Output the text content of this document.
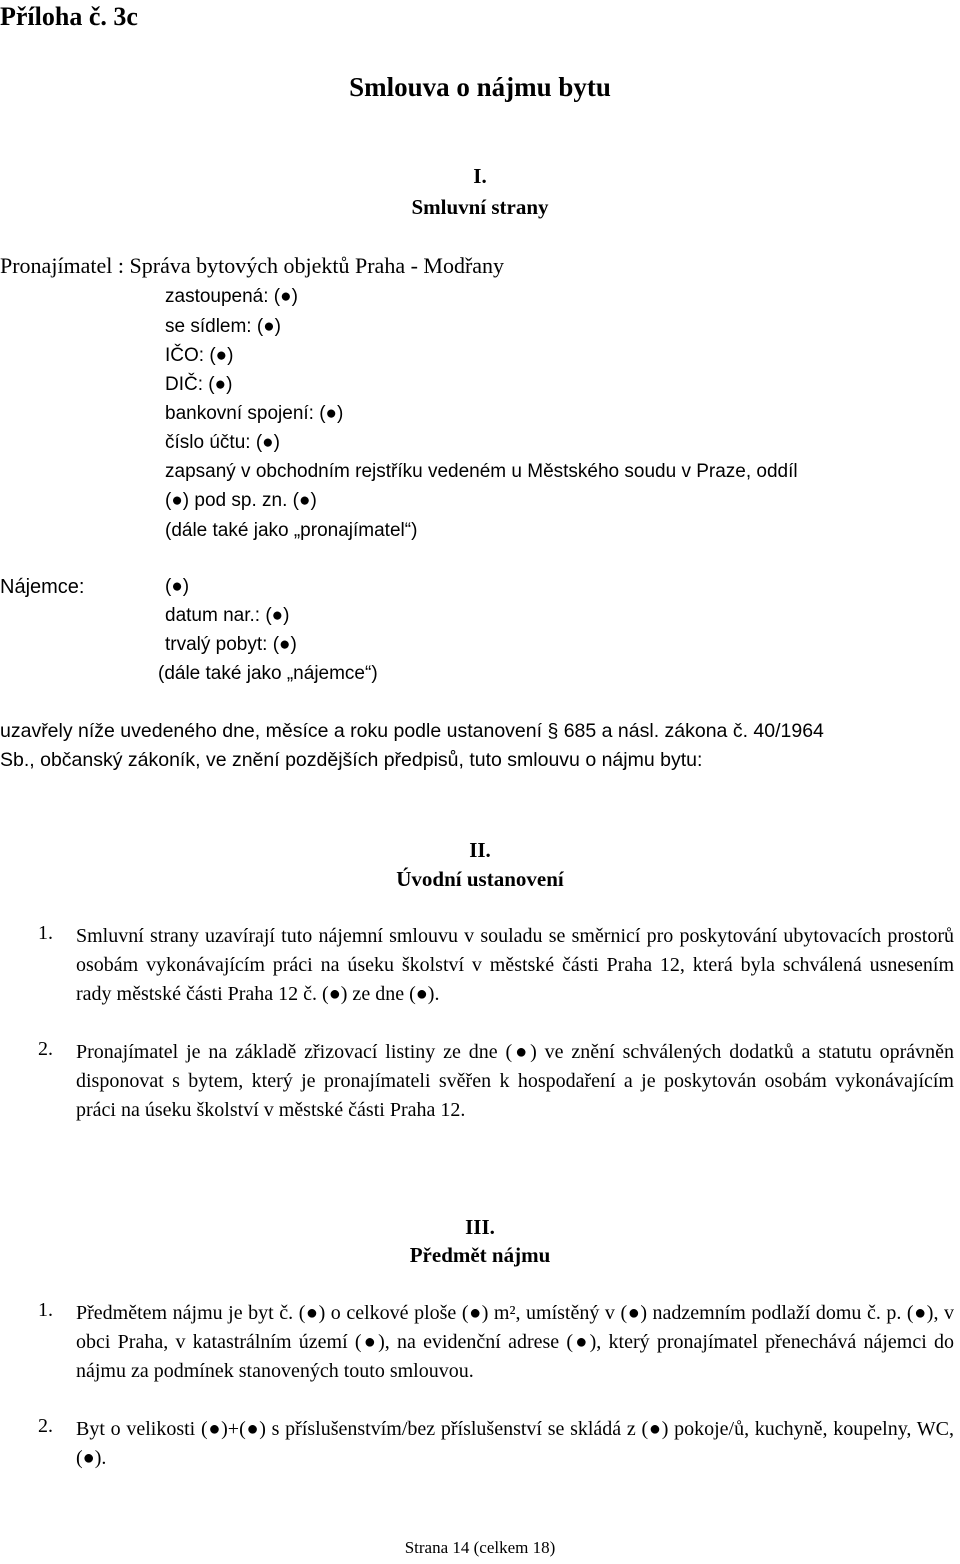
Příloha č. 3c
Smlouva o nájmu bytu
I.
Smluvní strany
Pronajímatel : Správa bytových objektů Praha - Modřany
zastoupená: (●)
se sídlem: (●)
IČO: (●)
DIČ: (●)
bankovní spojení: (●)
číslo účtu: (●)
zapsaný v obchodním rejstříku vedeném u Městského soudu v Praze, oddíl
(●) pod sp. zn. (●)
(dále také jako „pronajímatel“)
Nájemce:	(●)
datum nar.: (●)
trvalý pobyt: (●)
(dále také jako „nájemce“)
uzavřely níže uvedeného dne, měsíce a roku podle ustanovení § 685 a násl. zákona č. 40/1964
Sb., občanský zákoník, ve znění pozdějších předpisů, tuto smlouvu o nájmu bytu:
II.
Úvodní ustanovení
1. Smluvní strany uzavírají tuto nájemní smlouvu v souladu se směrnicí pro poskytování ubytovacích prostorů osobám vykonávajícím práci na úseku školství v městské části Praha 12, která byla schválená usnesením rady městské části Praha 12 č. (●) ze dne (●).
2. Pronajímatel je na základě zřizovací listiny ze dne (●) ve znění schválených dodatků a statutu oprávněn disponovat s bytem, který je pronajímateli svěřen k hospodaření a je poskytován osobám vykonávajícím práci na úseku školství v městské části Praha 12.
III.
Předmět nájmu
1. Předmětem nájmu je byt č. (●) o celkové ploše (●) m², umístěný v (●) nadzemním podlaží domu č. p. (●), v obci Praha, v katastrálním území (●), na evidenční adrese (●), který pronajímatel přenechává nájemci do nájmu za podmínek stanovených touto smlouvou.
2. Byt o velikosti (●)+(●) s příslušenstvím/bez příslušenství se skládá z (●) pokoje/ů, kuchyně, koupelny, WC, (●).
Strana 14 (celkem 18)
